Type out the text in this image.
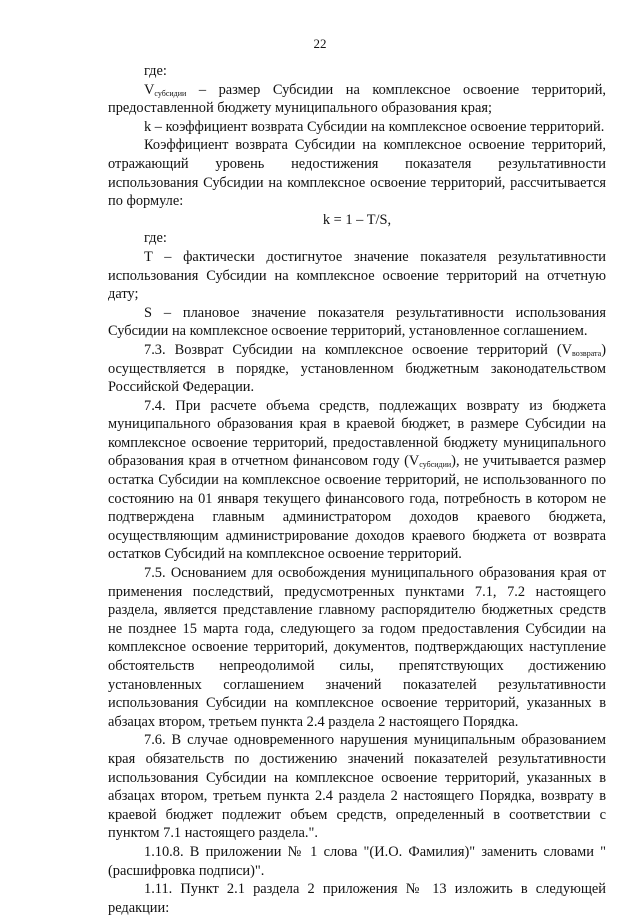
22

где:

$V_{субсидии}$ – размер Субсидии на комплексное освоение территорий, предоставленной бюджету муниципального образования края;

k – коэффициент возврата Субсидии на комплексное освоение территорий.

Коэффициент возврата Субсидии на комплексное освоение территорий, отражающий уровень недостижения показателя результативности использования Субсидии на комплексное освоение территорий, рассчитывается по формуле:

k = 1 – T/S,

где:

T – фактически достигнутое значение показателя результативности использования Субсидии на комплексное освоение территорий на отчетную дату;

S – плановое значение показателя результативности использования Субсидии на комплексное освоение территорий, установленное соглашением.

7.3. Возврат Субсидии на комплексное освоение территорий $(V_{возврата})$ осуществляется в порядке, установленном бюджетным законодательством Российской Федерации.

7.4. При расчете объема средств, подлежащих возврату из бюджета муниципального образования края в краевой бюджет, в размере Субсидии на комплексное освоение территорий, предоставленной бюджету муниципального образования края в отчетном финансовом году $(V_{субсидии})$, не учитывается размер остатка Субсидии на комплексное освоение территорий, не использованного по состоянию на 01 января текущего финансового года, потребность в котором не подтверждена главным администратором доходов краевого бюджета, осуществляющим администрирование доходов краевого бюджета от возврата остатков Субсидий на комплексное освоение территорий.

7.5. Основанием для освобождения муниципального образования края от применения последствий, предусмотренных пунктами 7.1, 7.2 настоящего раздела, является представление главному распорядителю бюджетных средств не позднее 15 марта года, следующего за годом предоставления Субсидии на комплексное освоение территорий, документов, подтверждающих наступление обстоятельств непреодолимой силы, препятствующих достижению установленных соглашением значений показателей результативности использования Субсидии на комплексное освоение территорий, указанных в абзацах втором, третьем пункта 2.4 раздела 2 настоящего Порядка.

7.6. В случае одновременного нарушения муниципальным образованием края обязательств по достижению значений показателей результативности использования Субсидии на комплексное освоение территорий, указанных в абзацах втором, третьем пункта 2.4 раздела 2 настоящего Порядка, возврату в краевой бюджет подлежит объем средств, определенный в соответствии с пунктом 7.1 настоящего раздела.".

1.10.8. В приложении № 1 слова "(И.О. Фамилия)" заменить словами "(расшифровка подписи)".

1.11. Пункт 2.1 раздела 2 приложения № 13 изложить в следующей редакции:
